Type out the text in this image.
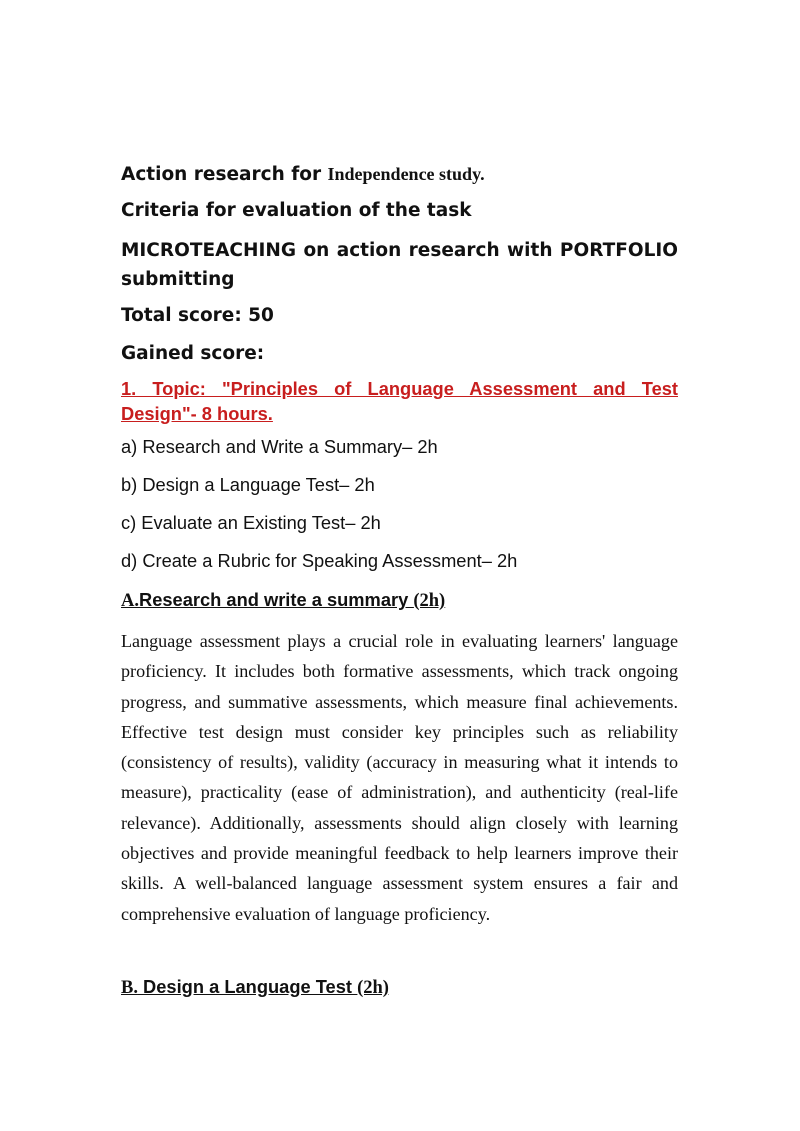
Action research for Independence study.
Criteria for evaluation of the task
MICROTEACHING on action research with PORTFOLIO
submitting
Total score: 50
Gained score:
1. Topic: "Principles of Language Assessment and Test
Design"- 8 hours.
a) Research and Write a Summary– 2h
b) Design a Language Test– 2h
c) Evaluate an Existing Test– 2h
d) Create a Rubric for Speaking Assessment– 2h
A.Research and write a summary (2h)
Language assessment plays a crucial role in evaluating learners' language proficiency. It includes both formative assessments, which track ongoing progress, and summative assessments, which measure final achievements. Effective test design must consider key principles such as reliability (consistency of results), validity (accuracy in measuring what it intends to measure), practicality (ease of administration), and authenticity (real-life relevance). Additionally, assessments should align closely with learning objectives and provide meaningful feedback to help learners improve their skills. A well-balanced language assessment system ensures a fair and comprehensive evaluation of language proficiency.
B. Design a Language Test (2h)
